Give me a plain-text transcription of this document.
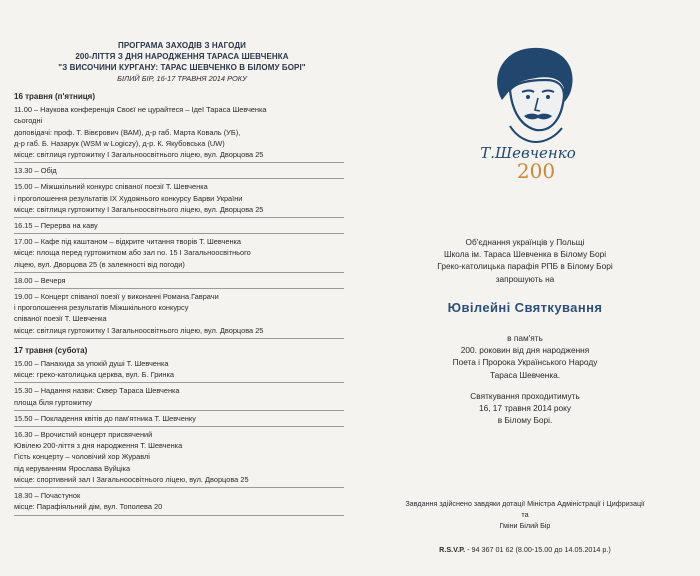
ПРОГРАМА ЗАХОДІВ З НАГОДИ
200-ЛІТТЯ З ДНЯ НАРОДЖЕННЯ ТАРАСА ШЕВЧЕНКА
"З ВИСОЧИНИ КУРГАНУ: ТАРАС ШЕВЧЕНКО В БІЛОМУ БОРІ"
БІЛИЙ БІР, 16-17 ТРАВНЯ 2014 РОКУ
16 травня (п'ятниця)
11.00 – Наукова конференція Своєї не цурайтеся – Ідеї Тараса Шевченка
сьогодні
доповідачі: проф. Т. Вівєрович (ВАМ), д-р габ. Марта Коваль (УБ),
д-р габ. Б. Назарук (WSM w Logiczy), д-р. К. Якубовська (UW)
місце: світлиця гуртожитку І Загальноосвітнього ліцею, вул. Дворцова 25
13.30 – Обід
15.00 – Міжшкільний конкурс співаної поезії Т. Шевченка
і проголошення результатів IX Художнього конкурсу Барви України
місце: світлиця гуртожитку І Загальноосвітнього ліцею, вул. Дворцова 25
16.15 – Перерва на каву
17.00 – Кафе під каштаном – відкрите читання творів Т. Шевченка
місце: площа перед гуртожитком або зал no. 15 І Загальноосвітнього
ліцею, вул. Дворцова 25 (в залежності від погоди)
18.00 – Вечеря
19.00 – Концерт співаної поезії у виконанні Романа Гаврачи
і проголошення результатів Міжшкільного конкурсу
співаної поезії Т. Шевченка
місце: світлиця гуртожитку І Загальноосвітнього ліцею, вул. Дворцова 25
17 травня (субота)
15.00 – Панахида за упокій душі Т. Шевченка
місце: греко-католицька церква, вул. Б. Гринка
15.30 – Надання назви: Сквер Тараса Шевченка
площа біля гуртожитку
15.50 – Покладення квітів до пам'ятника Т. Шевченку
16.30 – Врочистий концерт присвячений
Ювілею 200-ліття з дня народження Т. Шевченка
Гість концерту – чоловічий хор Журавлі
під керуванням Ярослава Вуйціка
місце: спортивний зал І Загальноосвітнього ліцею, вул. Дворцова 25
18.30 – Почастунок
місце: Парафіяльний дім, вул. Тополева 20
Т.Шевченко
200
Об'єднання українців у Польщі
Школа ім. Тараса Шевченка в Білому Борі
Греко-католицька парафія РПБ в Білому Борі
запрошують на
Ювілейні Святкування
в пам'ять
200. роковин від дня народження
Поета і Пророка Українського Народу
Тараса Шевченка.
Святкування проходитимуть
16, 17 травня 2014 року
в Білому Борі.
Завдання здійснено завдяки дотації Міністра Адміністрації і Цифризації
та
Гміни Білий Бір
R.S.V.P. - 94 367 01 62 (8.00-15.00 до 14.05.2014 р.)
